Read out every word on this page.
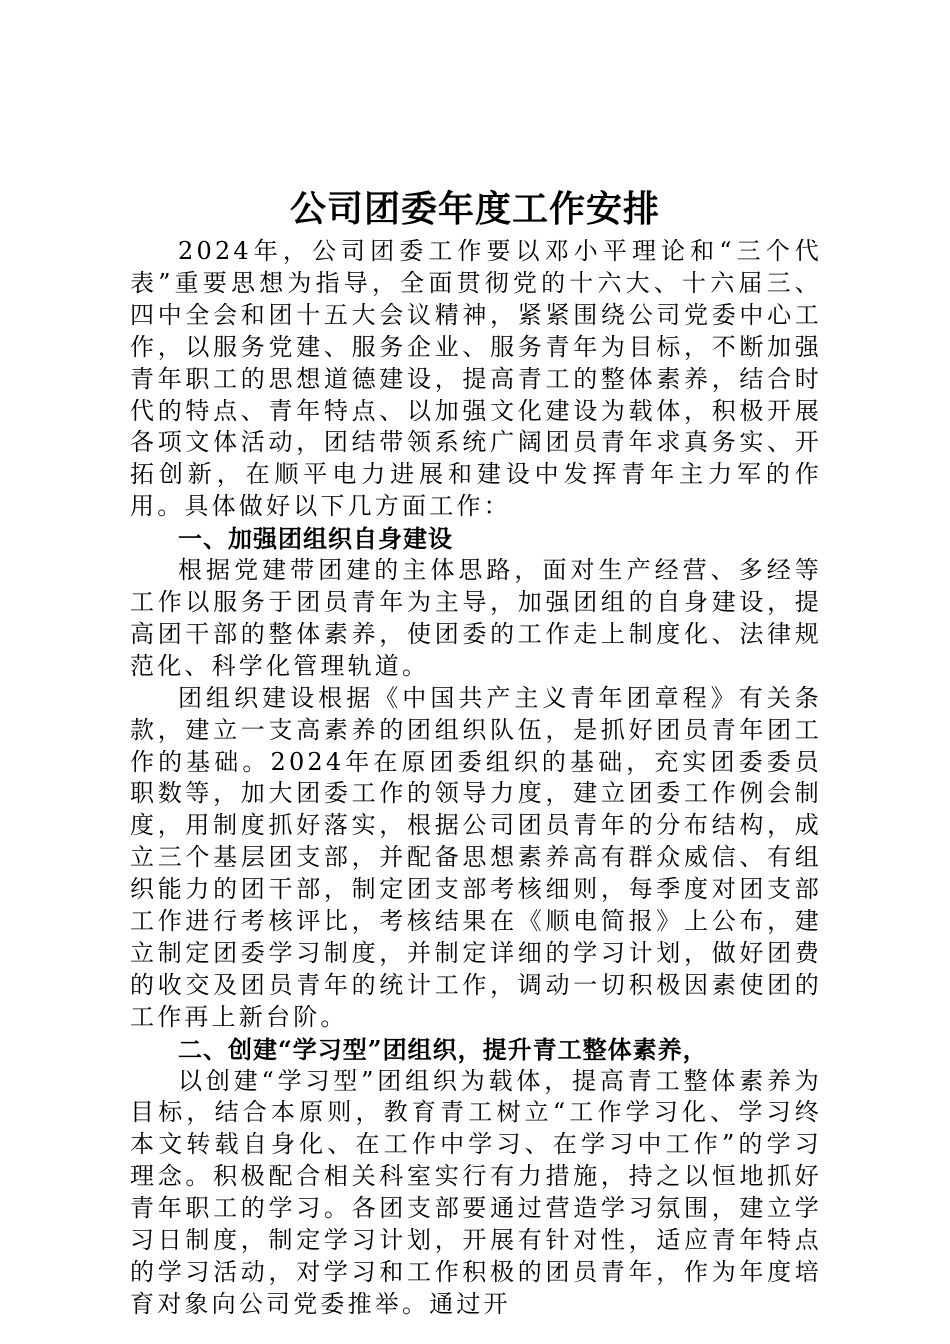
公司团委年度工作安排

2024年，公司团委工作要以邓小平理论和“三个代表”重要思想为指导，全面贯彻党的十六大、十六届三、四中全会和团十五大会议精神，紧紧围绕公司党委中心工作，以服务党建、服务企业、服务青年为目标，不断加强青年职工的思想道德建设，提高青工的整体素养，结合时代的特点、青年特点、以加强文化建设为载体，积极开展各项文体活动，团结带领系统广阔团员青年求真务实、开拓创新，在顺平电力进展和建设中发挥青年主力军的作用。具体做好以下几方面工作：

一、加强团组织自身建设

根据党建带团建的主体思路，面对生产经营、多经等工作以服务于团员青年为主导，加强团组的自身建设，提高团干部的整体素养，使团委的工作走上制度化、法律规范化、科学化管理轨道。

团组织建设根据《中国共产主义青年团章程》有关条款，建立一支高素养的团组织队伍，是抓好团员青年团工作的基础。2024年在原团委组织的基础，充实团委委员职数等，加大团委工作的领导力度，建立团委工作例会制度，用制度抓好落实，根据公司团员青年的分布结构，成立三个基层团支部，并配备思想素养高有群众威信、有组织能力的团干部，制定团支部考核细则，每季度对团支部工作进行考核评比，考核结果在《顺电简报》上公布，建立制定团委学习制度，并制定详细的学习计划，做好团费的收交及团员青年的统计工作，调动一切积极因素使团的工作再上新台阶。

二、创建“学习型”团组织，提升青工整体素养，

以创建“学习型”团组织为载体，提高青工整体素养为目标，结合本原则，教育青工树立“工作学习化、学习终本文转载自身化、在工作中学习、在学习中工作”的学习理念。积极配合相关科室实行有力措施，持之以恒地抓好青年职工的学习。各团支部要通过营造学习氛围，建立学习日制度，制定学习计划，开展有针对性，适应青年特点的学习活动，对学习和工作积极的团员青年，作为年度培育对象向公司党委推举。通过开
